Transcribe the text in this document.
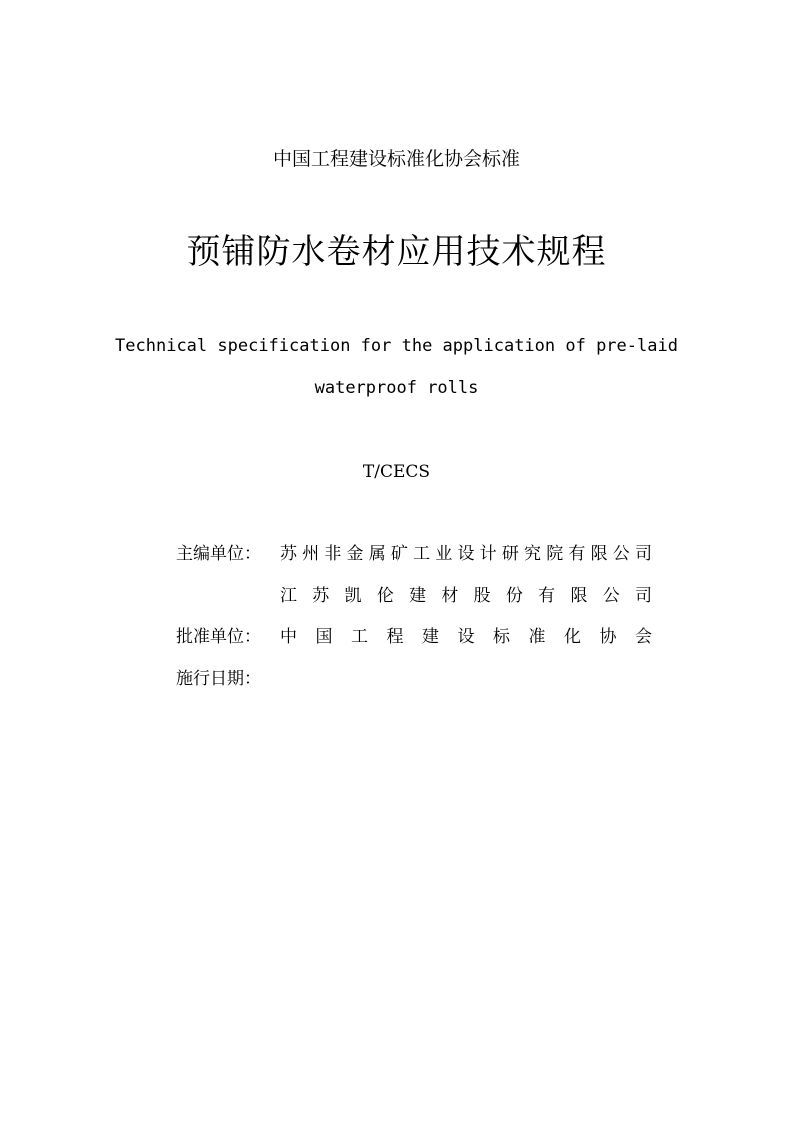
中国工程建设标准化协会标准
预铺防水卷材应用技术规程
Technical specification for the application of pre-laid
waterproof rolls
T/CECS
主编单位：	苏州非金属矿工业设计研究院有限公司
江 苏 凯 伦 建 材 股 份 有 限 公 司
批准单位：	中 国 工 程 建 设 标 准 化 协 会
施行日期：
